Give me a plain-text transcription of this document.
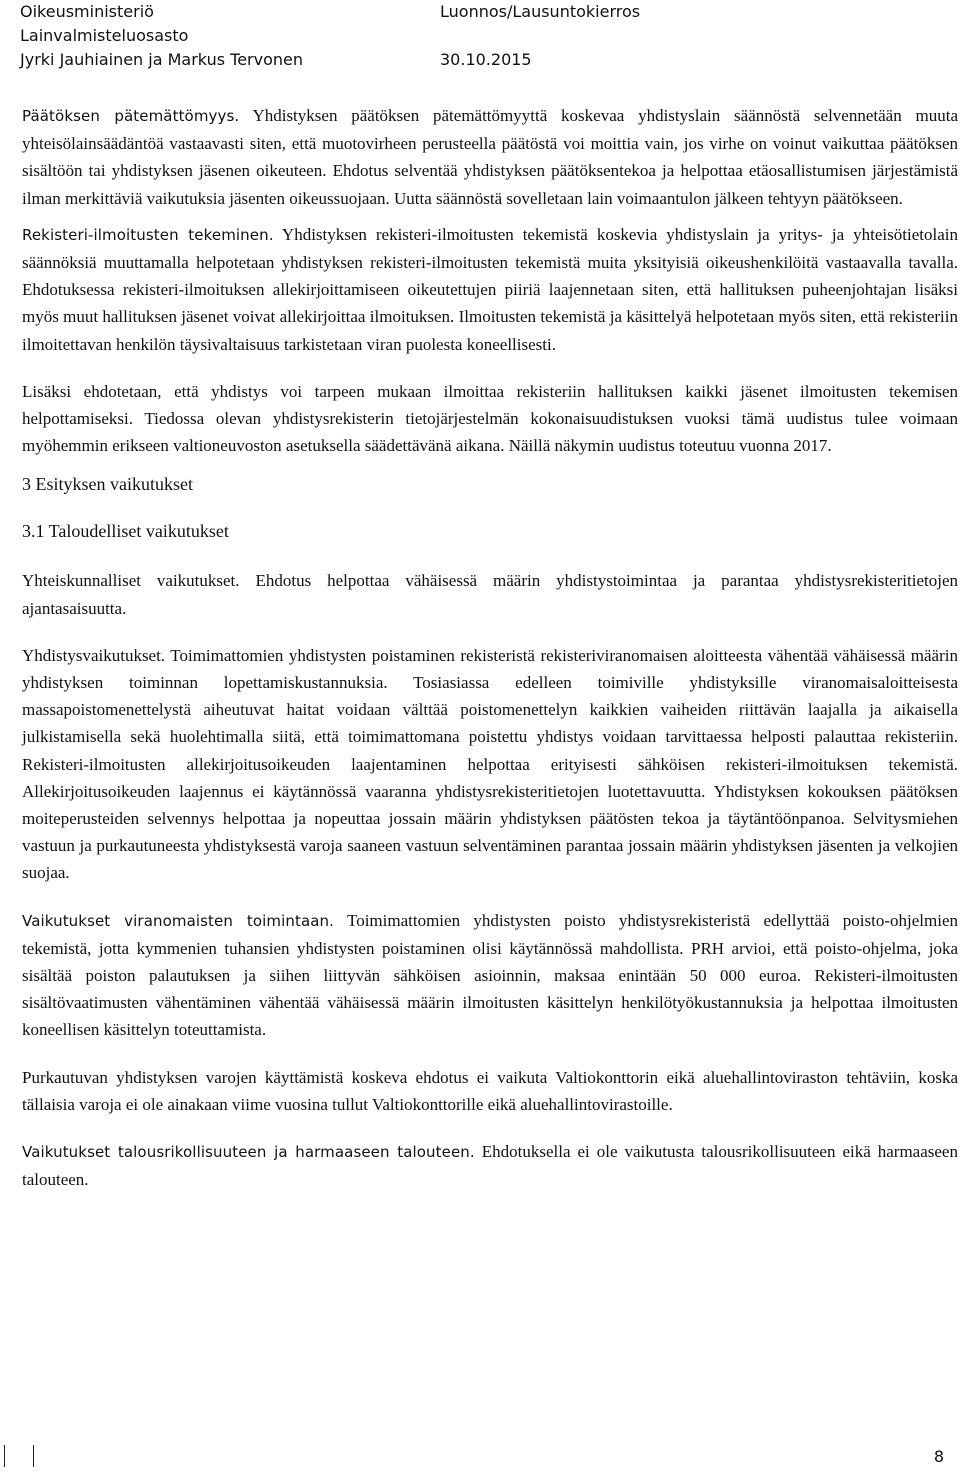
Oikeusministeriö
Lainvalmisteluosasto
Jyrki Jauhiainen ja Markus Tervonen
Luonnos/Lausuntokierros
30.10.2015

Päätöksen pätemättömyys. Yhdistyksen päätöksen pätemättömyyttä koskevaa yhdistyslain säännöstä selvennetään muuta yhteisölainsäädäntöä vastaavasti siten, että muotovirheen perusteella päätöstä voi moittia vain, jos virhe on voinut vaikuttaa päätöksen sisältöön tai yhdistyksen jäsenen oikeuteen. Ehdotus selventää yhdistyksen päätöksentekoa ja helpottaa etäosallistumisen järjestämistä ilman merkittäviä vaikutuksia jäsenten oikeussuojaan. Uutta säännöstä sovelletaan lain voimaantulon jälkeen tehtyyn päätökseen.

Rekisteri-ilmoitusten tekeminen. Yhdistyksen rekisteri-ilmoitusten tekemistä koskevia yhdistyslain ja yritys- ja yhteisötietolain säännöksiä muuttamalla helpotetaan yhdistyksen rekisteri-ilmoitusten tekemistä muita yksityisiä oikeushenkilöitä vastaavalla tavalla. Ehdotuksessa rekisteri-ilmoituksen allekirjoittamiseen oikeutettujen piiriä laajennetaan siten, että hallituksen puheenjohtajan lisäksi myös muut hallituksen jäsenet voivat allekirjoittaa ilmoituksen. Ilmoitusten tekemistä ja käsittelyä helpotetaan myös siten, että rekisteriin ilmoitettavan henkilön täysivaltaisuus tarkistetaan viran puolesta koneellisesti.

Lisäksi ehdotetaan, että yhdistys voi tarpeen mukaan ilmoittaa rekisteriin hallituksen kaikki jäsenet ilmoitusten tekemisen helpottamiseksi. Tiedossa olevan yhdistysrekisterin tietojärjestelmän kokonaisuudistuksen vuoksi tämä uudistus tulee voimaan myöhemmin erikseen valtioneuvoston asetuksella säädettävänä aikana. Näillä näkymin uudistus toteutuu vuonna 2017.

3 Esityksen vaikutukset
3.1 Taloudelliset vaikutukset

Yhteiskunnalliset vaikutukset. Ehdotus helpottaa vähäisessä määrin yhdistystoimintaa ja parantaa yhdistysrekisteritietojen ajantasaisuutta.

Yhdistysvaikutukset. Toimimattomien yhdistysten poistaminen rekisteristä rekisteriviranomaisen aloitteesta vähentää vähäisessä määrin yhdistyksen toiminnan lopettamiskustannuksia. Tosiasiassa edelleen toimiville yhdistyksille viranomaisaloitteisesta massapoistomenettelystä aiheutuvat haitat voidaan välttää poistomenettelyn kaikkien vaiheiden riittävän laajalla ja aikaisella julkistamisella sekä huolehtimalla siitä, että toimimattomana poistettu yhdistys voidaan tarvittaessa helposti palauttaa rekisteriin. Rekisteri-ilmoitusten allekirjoitusoikeuden laajentaminen helpottaa erityisesti sähköisen rekisteri-ilmoituksen tekemistä. Allekirjoitusoikeuden laajennus ei käytännössä vaaranna yhdistysrekisteritietojen luotettavuutta. Yhdistyksen kokouksen päätöksen moiteperusteiden selvennys helpottaa ja nopeuttaa jossain määrin yhdistyksen päätösten tekoa ja täytäntöönpanoa. Selvitysmiehen vastuun ja purkautuneesta yhdistyksestä varoja saaneen vastuun selventäminen parantaa jossain määrin yhdistyksen jäsenten ja velkojien suojaa.

Vaikutukset viranomaisten toimintaan. Toimimattomien yhdistysten poisto yhdistysrekisteristä edellyttää poisto-ohjelmien tekemistä, jotta kymmenien tuhansien yhdistysten poistaminen olisi käytännössä mahdollista. PRH arvioi, että poisto-ohjelma, joka sisältää poiston palautuksen ja siihen liittyvän sähköisen asioinnin, maksaa enintään 50 000 euroa. Rekisteri-ilmoitusten sisältövaatimusten vähentäminen vähentää vähäisessä määrin ilmoitusten käsittelyn henkilötyökustannuksia ja helpottaa ilmoitusten koneellisen käsittelyn toteuttamista.

Purkautuvan yhdistyksen varojen käyttämistä koskeva ehdotus ei vaikuta Valtiokonttorin eikä aluehallintoviraston tehtäviin, koska tällaisia varoja ei ole ainakaan viime vuosina tullut Valtiokonttorille eikä aluehallintovirastoille.

Vaikutukset talousrikollisuuteen ja harmaaseen talouteen. Ehdotuksella ei ole vaikutusta talousrikollisuuteen eikä harmaaseen talouteen.

8
